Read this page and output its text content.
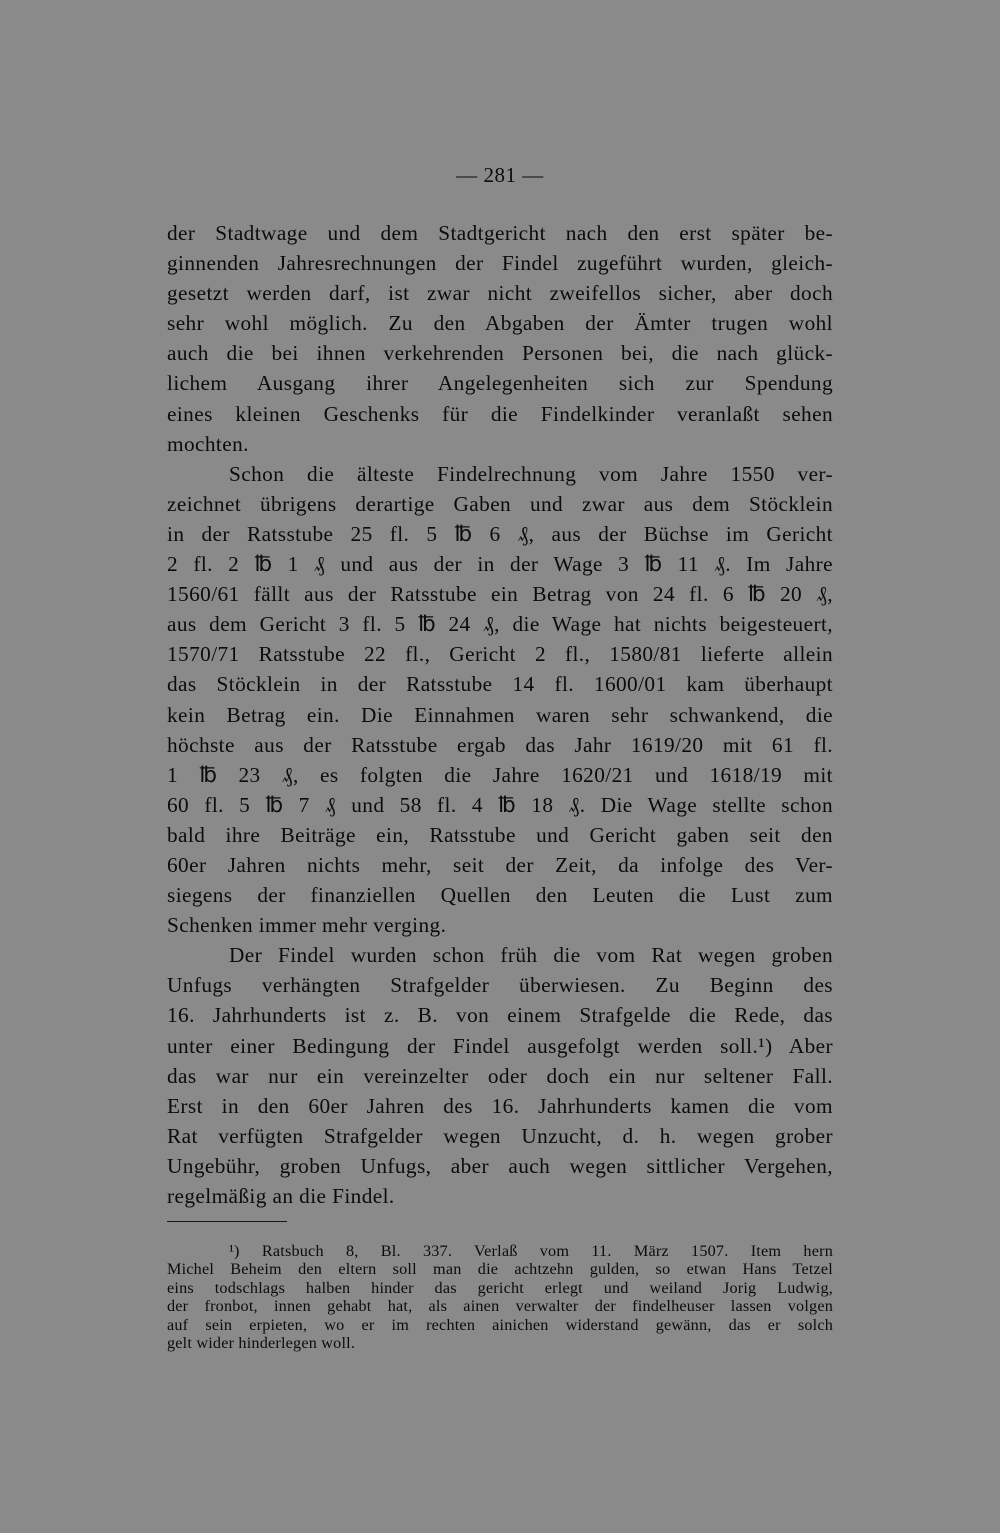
— 281 —
der Stadtwage und dem Stadtgericht nach den erst später be-
ginnenden Jahresrechnungen der Findel zugeführt wurden, gleich-
gesetzt werden darf, ist zwar nicht zweifellos sicher, aber doch
sehr wohl möglich. Zu den Abgaben der Ämter trugen wohl
auch die bei ihnen verkehrenden Personen bei, die nach glück-
lichem Ausgang ihrer Angelegenheiten sich zur Spendung
eines kleinen Geschenks für die Findelkinder veranlaßt sehen
mochten.
Schon die älteste Findelrechnung vom Jahre 1550 ver-
zeichnet übrigens derartige Gaben und zwar aus dem Stöcklein
in der Ratsstube 25 fl. 5 ℔ 6 ₰, aus der Büchse im Gericht
2 fl. 2 ℔ 1 ₰ und aus der in der Wage 3 ℔ 11 ₰. Im Jahre
1560/61 fällt aus der Ratsstube ein Betrag von 24 fl. 6 ℔ 20 ₰,
aus dem Gericht 3 fl. 5 ℔ 24 ₰, die Wage hat nichts beigesteuert,
1570/71 Ratsstube 22 fl., Gericht 2 fl., 1580/81 lieferte allein
das Stöcklein in der Ratsstube 14 fl. 1600/01 kam überhaupt
kein Betrag ein. Die Einnahmen waren sehr schwankend, die
höchste aus der Ratsstube ergab das Jahr 1619/20 mit 61 fl.
1 ℔ 23 ₰, es folgten die Jahre 1620/21 und 1618/19 mit
60 fl. 5 ℔ 7 ₰ und 58 fl. 4 ℔ 18 ₰. Die Wage stellte schon
bald ihre Beiträge ein, Ratsstube und Gericht gaben seit den
60er Jahren nichts mehr, seit der Zeit, da infolge des Ver-
siegens der finanziellen Quellen den Leuten die Lust zum
Schenken immer mehr verging.
Der Findel wurden schon früh die vom Rat wegen groben
Unfugs verhängten Strafgelder überwiesen. Zu Beginn des
16. Jahrhunderts ist z. B. von einem Strafgelde die Rede, das
unter einer Bedingung der Findel ausgefolgt werden soll.¹) Aber
das war nur ein vereinzelter oder doch ein nur seltener Fall.
Erst in den 60er Jahren des 16. Jahrhunderts kamen die vom
Rat verfügten Strafgelder wegen Unzucht, d. h. wegen grober
Ungebühr, groben Unfugs, aber auch wegen sittlicher Vergehen,
regelmäßig an die Findel.
¹) Ratsbuch 8, Bl. 337. Verlaß vom 11. März 1507. Item hern
Michel Beheim den eltern soll man die achtzehn gulden, so etwan Hans Tetzel
eins todschlags halben hinder das gericht erlegt und weiland Jorig Ludwig,
der fronbot, innen gehabt hat, als ainen verwalter der findelheuser lassen volgen
auf sein erpieten, wo er im rechten ainichen widerstand gewänn, das er solch
gelt wider hinderlegen woll.
